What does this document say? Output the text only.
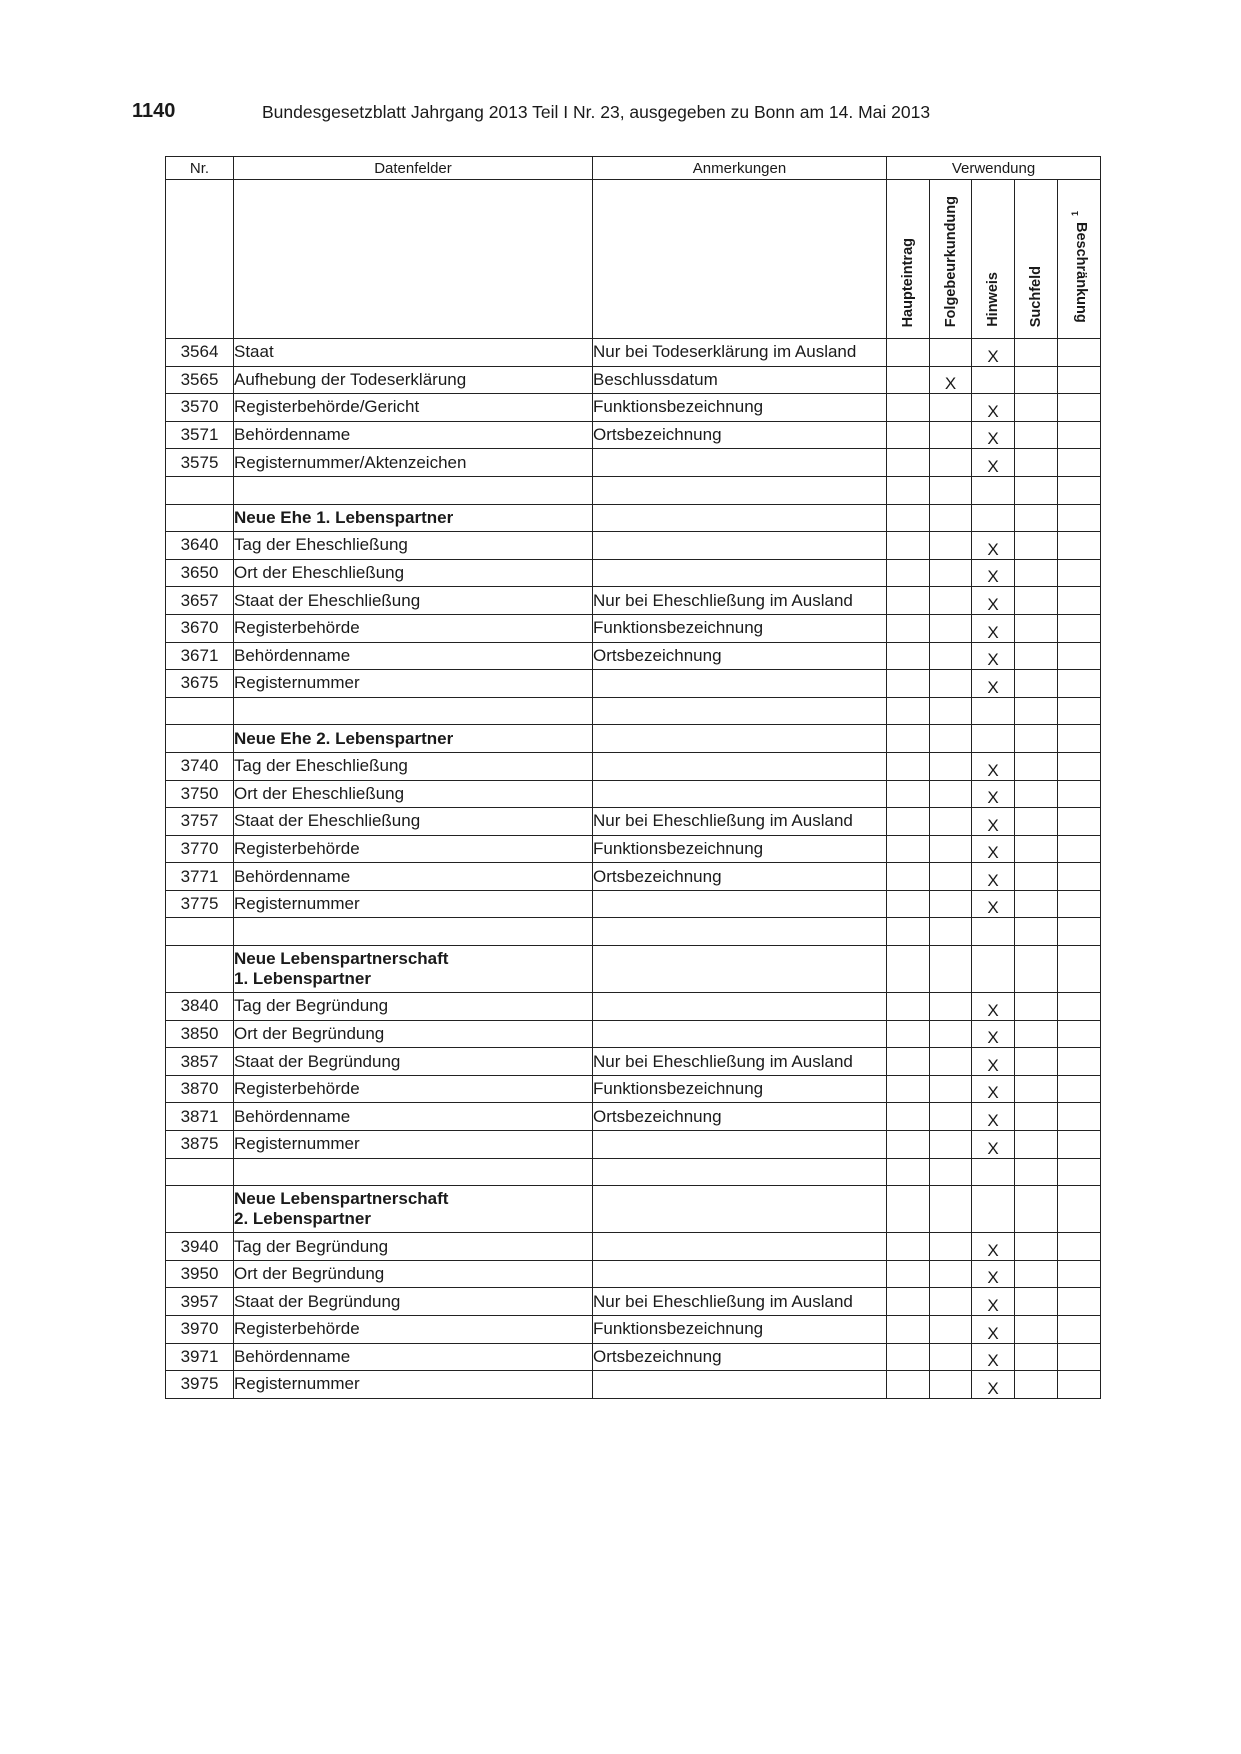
1140	Bundesgesetzblatt Jahrgang 2013 Teil I Nr. 23, ausgegeben zu Bonn am 14. Mai 2013
Nr.	Datenfelder	Anmerkungen	Verwendung				
			Haupteintrag	Folgebeurkundung	Hinweis	Suchfeld	Beschränkung$^1$
3564	Staat	Nur bei Todeserklärung im Ausland			X		
3565	Aufhebung der Todeserklärung	Beschlussdatum		X			
3570	Registerbehörde/Gericht	Funktionsbezeichnung			X		
3571	Behördenname	Ortsbezeichnung			X		
3575	Registernummer/Aktenzeichen				X		

	Neue Ehe 1. Lebenspartner						

3640	Tag der Eheschließung				X		
3650	Ort der Eheschließung				X		
3657	Staat der Eheschließung	Nur bei Eheschließung im Ausland			X		
3670	Registerbehörde	Funktionsbezeichnung			X		
3671	Behördenname	Ortsbezeichnung			X		
3675	Registernummer				X		

	Neue Ehe 2. Lebenspartner						

3740	Tag der Eheschließung				X		
3750	Ort der Eheschließung				X		
3757	Staat der Eheschließung	Nur bei Eheschließung im Ausland			X		
3770	Registerbehörde	Funktionsbezeichnung			X		
3771	Behördenname	Ortsbezeichnung			X		
3775	Registernummer				X		

	Neue Lebenspartnerschaft
1. Lebenspartner						

3840	Tag der Begründung				X		
3850	Ort der Begründung				X		
3857	Staat der Begründung	Nur bei Eheschließung im Ausland			X		
3870	Registerbehörde	Funktionsbezeichnung			X		
3871	Behördenname	Ortsbezeichnung			X		
3875	Registernummer				X		

	Neue Lebenspartnerschaft
2. Lebenspartner						

3940	Tag der Begründung				X		
3950	Ort der Begründung				X		
3957	Staat der Begründung	Nur bei Eheschließung im Ausland			X		
3970	Registerbehörde	Funktionsbezeichnung			X		
3971	Behördenname	Ortsbezeichnung			X		
3975	Registernummer				X		
